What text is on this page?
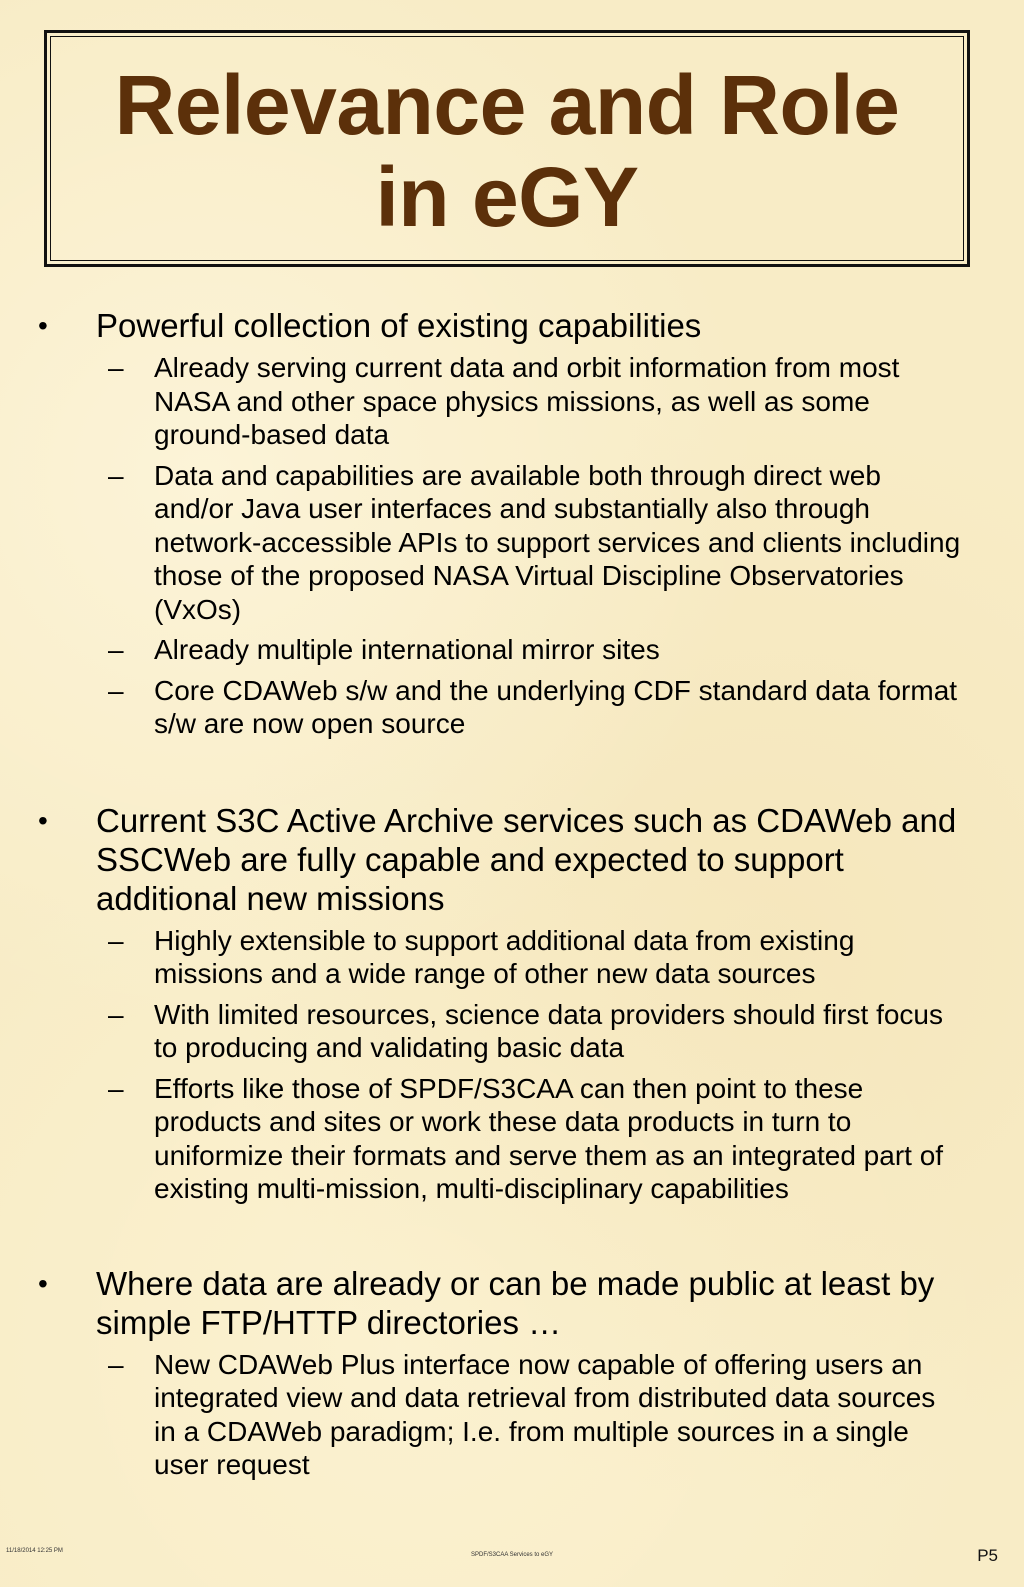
Relevance and Role
in eGY
• Powerful collection of existing capabilities
– Already serving current data and orbit information from most NASA and other space physics missions, as well as some ground-based data
– Data and capabilities are available both through direct web and/or Java user interfaces and substantially also through network-accessible APIs to support services and clients including those of the proposed NASA Virtual Discipline Observatories (VxOs)
– Already multiple international mirror sites
– Core CDAWeb s/w and the underlying CDF standard data format s/w are now open source
• Current S3C Active Archive services such as CDAWeb and SSCWeb are fully capable and expected to support additional new missions
– Highly extensible to support additional data from existing missions and a wide range of other new data sources
– With limited resources, science data providers should first focus to producing and validating basic data
– Efforts like those of SPDF/S3CAA can then point to these products and sites or work these data products in turn to uniformize their formats and serve them as an integrated part of existing multi-mission, multi-disciplinary capabilities
• Where data are already or can be made public at least by simple FTP/HTTP directories …
– New CDAWeb Plus interface now capable of offering users an integrated view and data retrieval from distributed data sources in a CDAWeb paradigm; I.e. from multiple sources in a single user request
11/18/2014 12:25 PM
SPDF/S3CAA Services to eGY	P5
